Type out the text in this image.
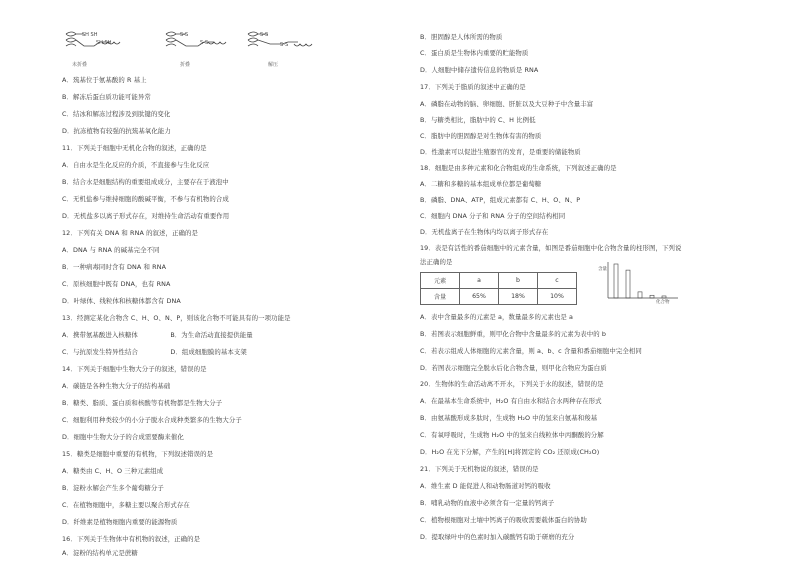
SH SH
SH SH
S-S
S-S
S-S
S-S
未折叠	折叠	解压
A．巯基位于氨基酸的 R 基上
B．解冻后蛋白质功能可能异常
C．结冰和解冻过程涉及到肽键的变化
D．抗冻植物有较强的抗巯基氧化能力
11．下列关于细胞中无机化合物的叙述，正确的是
A．自由水是生化反应的介质，不直接参与生化反应
B．结合水是细胞结构的重要组成成分，主要存在于液泡中
C．无机盐参与维持细胞的酸碱平衡，不参与有机物的合成
D．无机盐多以离子形式存在，对维持生命活动有重要作用
12．下列有关 DNA 和 RNA 的叙述，正确的是
A．DNA 与 RNA 的碱基完全不同
B．一种病毒同时含有 DNA 和 RNA
C．原核细胞中既有 DNA，也有 RNA
D．叶绿体、线粒体和核糖体都含有 DNA
13．经测定某化合物含 C、H、O、N、P，则该化合物不可能具有的一项功能是
A．携带氨基酸进入核糖体　　　　　B．为生命活动直接提供能量
C．与抗原发生特异性结合　　　　　D．组成细胞膜的基本支架
14．下列关于细胞中生物大分子的叙述，错误的是
A．碳链是各种生物大分子的结构基础
B．糖类、脂质、蛋白质和核酸等有机物都是生物大分子
C．细胞利用种类较少的小分子脱水合成种类繁多的生物大分子
D．细胞中生物大分子的合成需要酶来催化
15．糖类是细胞中重要的有机物，下列叙述错误的是
A．糖类由 C、H、O 三种元素组成
B．淀粉水解会产生多个葡萄糖分子
C．在植物细胞中，多糖主要以聚合形式存在
D．纤维素是植物细胞内重要的能源物质
16．下列关于生物体中有机物的叙述，正确的是
A．淀粉的结构单元是蔗糖
B．胆固醇是人体所需的物质
C．蛋白质是生物体内重要的贮能物质
D．人细胞中储存遗传信息的物质是 RNA
17．下列关于脂质的叙述中正确的是
A．磷脂在动物的脑、卵细胞、肝脏以及大豆种子中含量丰富
B．与糖类相比，脂肪中的 C、H 比例低
C．脂肪中的胆固醇是对生物体有害的物质
D．性激素可以促进生殖器官的发育，是重要的储能物质
18．细胞是由多种元素和化合物组成的生命系统，下列叙述正确的是
A．二糖和多糖的基本组成单位都是葡萄糖
B．磷脂、DNA、ATP，组成元素都有 C、H、O、N、P
C．细胞内 DNA 分子和 RNA 分子的空间结构相同
D．无机盐离子在生物体内均以离子形式存在
19．表是有活性的番茄细胞中的元素含量，如图是番茄细胞中化合物含量的柱形图，下列说
法正确的是
元素	a	b	c
含量	65%	18%	10%
含量
化合物
A．表中含量最多的元素是 a，数量最多的元素也是 a
B．若图表示细胞鲜重，则甲化合物中含量最多的元素为表中的 b
C．若表示组成人体细胞的元素含量，则 a、b、c 含量和番茄细胞中完全相同
D．若图表示细胞完全脱水后化合物含量，则甲化合物应为蛋白质
20．生物体的生命活动离不开水，下列关于水的叙述，错误的是
A．在最基本生命系统中，H₂O 有自由水和结合水两种存在形式
B．由氨基酸形成多肽时，生成物 H₂O 中的氢来自氨基和羧基
C．有氧呼吸时，生成物 H₂O 中的氢来自线粒体中丙酮酸的分解
D．H₂O 在光下分解，产生的[H]将固定的 CO₂ 还原成(CH₂O)
21．下列关于无机物说的叙述，错误的是
A．维生素 D 能促进人和动物肠道对钙的吸收
B．哺乳动物的血液中必须含有一定量的钙离子
C．植物根细胞对土壤中钙离子的吸收需要载体蛋白的协助
D．提取绿叶中的色素时加入碳酸钙有助于研磨的充分
